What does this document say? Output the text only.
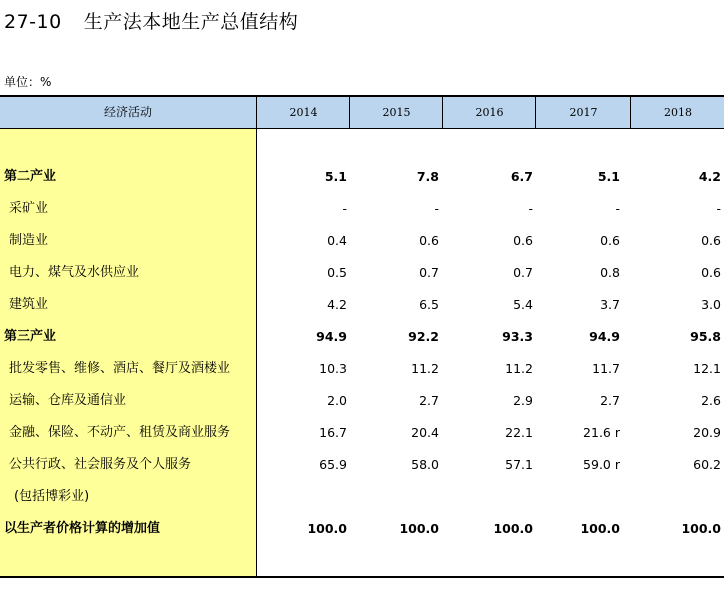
27-10 生产法本地生产总值结构
单位：%
经济活动	2014	2015	2016	2017	2018
第二产业	5.1	7.8	6.7	5.1	4.2
采矿业	-	-	-	-	-
制造业	0.4	0.6	0.6	0.6	0.6
电力、煤气及水供应业	0.5	0.7	0.7	0.8	0.6
建筑业	4.2	6.5	5.4	3.7	3.0
第三产业	94.9	92.2	93.3	94.9	95.8
批发零售、维修、酒店、餐厅及酒楼业	10.3	11.2	11.2	11.7	12.1
运输、仓库及通信业	2.0	2.7	2.9	2.7	2.6
金融、保险、不动产、租赁及商业服务	16.7	20.4	22.1	21.6 r	20.9
公共行政、社会服务及个人服务	65.9	58.0	57.1	59.0 r	60.2
(包括博彩业)
以生产者价格计算的增加值	100.0	100.0	100.0	100.0	100.0
